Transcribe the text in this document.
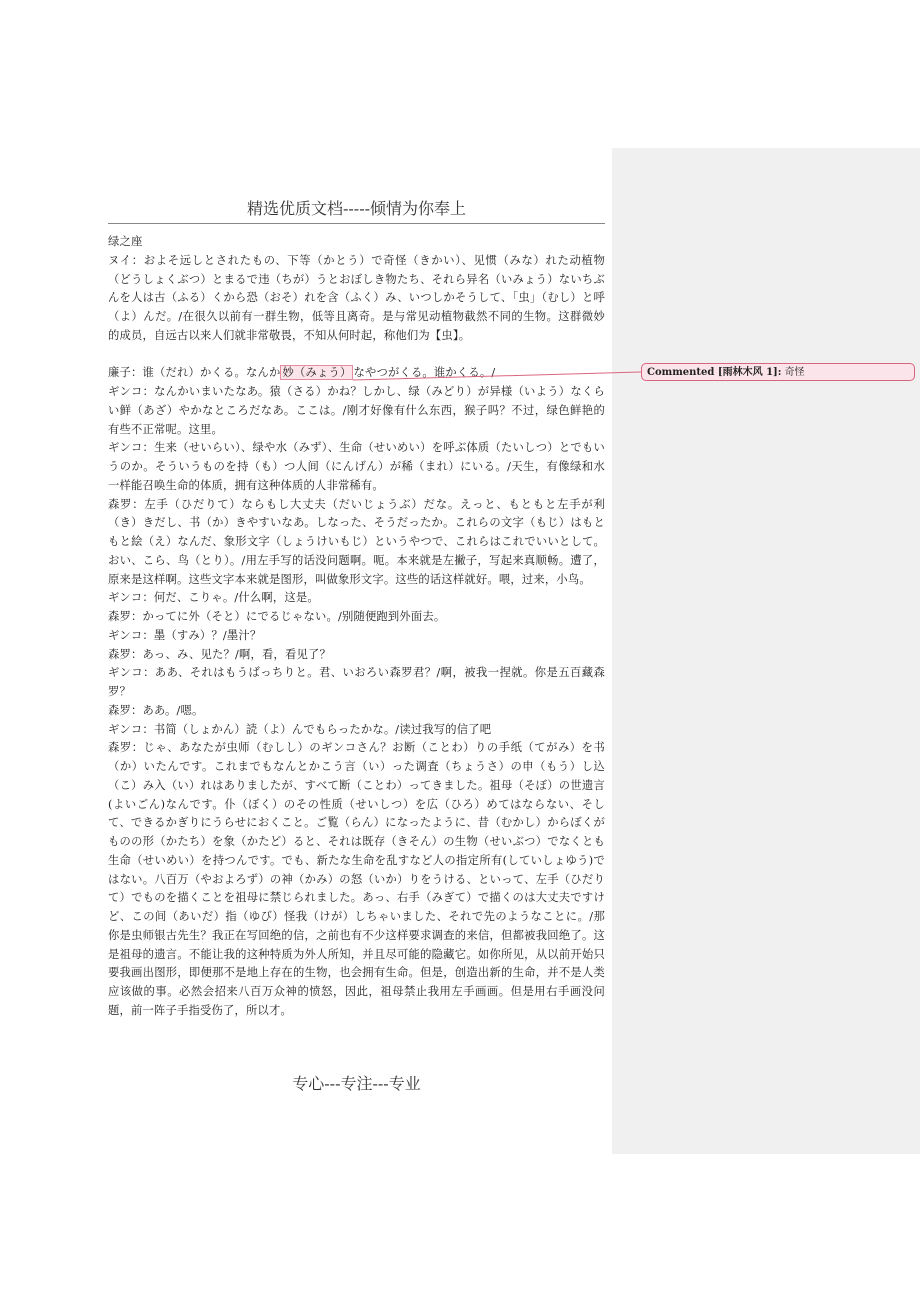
精选优质文档-----倾情为你奉上

绿之座

ヌイ：およそ远しとされたもの、下等（かとう）で奇怪（きかい）、见惯（みな）れた动植物（どうしょくぶつ）とまるで违（ちが）うとおぼしき物たち、それら异名（いみょう）ないちぶんを人は古（ふる）くから恐（おそ）れを含（ふく）み、いつしかそうして、「虫」（むし）と呼（よ）んだ。/在很久以前有一群生物，低等且离奇。是与常见动植物截然不同的生物。这群微妙的成员，自远古以来人们就非常敬畏，不知从何时起，称他们为【虫】。

廉子：谁（だれ）かくる。なんか 妙（みょう） なやつがくる。谁かくる。/

ギンコ：なんかいまいたなあ。猿（さる）かね？しかし、绿（みどり）が异様（いよう）なくらい鲜（あざ）やかなところだなあ。ここは。/刚才好像有什么东西，猴子吗？不过，绿色鲜艳的有些不正常呢。这里。

ギンコ：生来（せいらい）、绿や水（みず）、生命（せいめい）を呼ぶ体质（たいしつ）とでもいうのか。そういうものを持（も）つ人间（にんげん）が稀（まれ）にいる。/天生，有像绿和水一样能召唤生命的体质，拥有这种体质的人非常稀有。

森罗：左手（ひだりて）ならもし大丈夫（だいじょうぶ）だな。えっと、もともと左手が利（き）きだし、书（か）きやすいなあ。しなった、そうだったか。これらの文字（もじ）はもともと絵（え）なんだ、象形文字（しょうけいもじ）というやつで、これらはこれでいいとして。おい、こら、鸟（とり）。/用左手写的话没问题啊。呃。本来就是左撇子，写起来真顺畅。遭了，原来是这样啊。这些文字本来就是图形，叫做象形文字。这些的话这样就好。喂，过来，小鸟。

ギンコ：何だ、こりゃ。/什么啊，这是。

森罗：かってに外（そと）にでるじゃない。/别随便跑到外面去。

ギンコ：墨（すみ）？/墨汁？

森罗：あっ、み、见た？/啊，看，看见了？

ギンコ：ああ、それはもうばっちりと。君、いおろい森罗君？/啊，被我一捏就。你是五百藏森罗？

森罗：ああ。/嗯。

ギンコ：书简（しょかん）読（よ）んでもらったかな。/读过我写的信了吧

森罗：じゃ、あなたが虫师（むしし）のギンコさん？お断（ことわ）りの手纸（てがみ）を书（か）いたんです。これまでもなんとかこう言（い）った调査（ちょうさ）の申（もう）し込（こ）み入（い）れはありましたが、すべて断（ことわ）ってきました。祖母（そぼ）の世遗言(よいごん)なんです。仆（ぼく）のその性质（せいしつ）を広（ひろ）めてはならない、そして、できるかぎりにうらせにおくこと。ご覧（らん）になったように、昔（むかし）からぼくがものの形（かたち）を象（かたど）ると、それは既存（きそん）の生物（せいぶつ）でなくとも生命（せいめい）を持つんです。でも、新たな生命を乱すなど人の指定所有(していしょゆう)ではない。八百万（やおよろず）の神（かみ）の怒（いか）りをうける、といって、左手（ひだりて）でものを描くことを祖母に禁じられました。あっ、右手（みぎて）で描くのは大丈夫ですけど、この间（あいだ）指（ゆび）怪我（けが）しちゃいました、それで先のようなことに。/那你是虫师银古先生？我正在写回绝的信，之前也有不少这样要求调查的来信，但都被我回绝了。这是祖母的遗言。不能让我的这种特质为外人所知，并且尽可能的隐藏它。如你所见，从以前开始只要我画出图形，即便那不是地上存在的生物，也会拥有生命。但是，创造出新的生命，并不是人类应该做的事。必然会招来八百万众神的愤怒，因此，祖母禁止我用左手画画。但是用右手画没问题，前一阵子手指受伤了，所以才。

专心---专注---专业
Commented [雨林木风 1]: 奇怪
